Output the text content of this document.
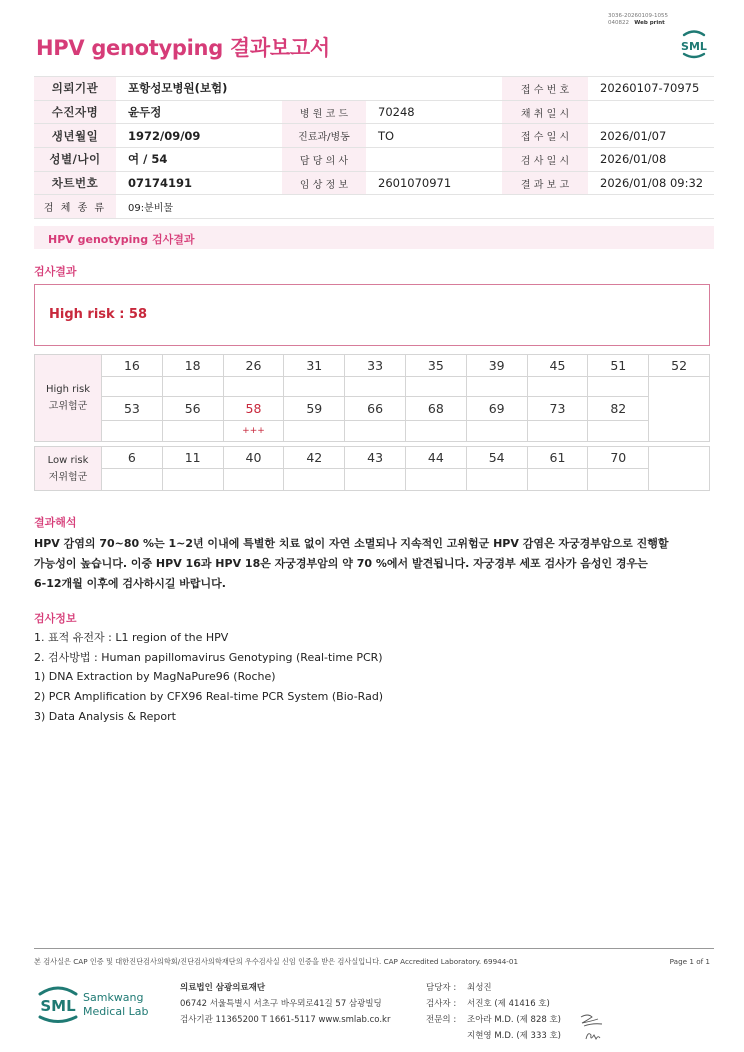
3036-20260109-1055
040822 Web print
HPV genotyping 결과보고서	SML
의뢰기관	포항성모병원(보험)			접 수 번 호	20260107-70975
수진자명	윤두정	병 원 코 드	70248	채 취 일 시	
생년월일	1972/09/09	진료과/병동	TO	접 수 일 시	2026/01/07
성별/나이	여 / 54	담 당 의 사		검 사 일 시	2026/01/08
차트번호	07174191	임 상 정 보	2601070971	결 과 보 고	2026/01/08 09:32
검 체 종 류	09:분비물				
HPV genotyping 검사결과
검사결과
High risk : 58
High risk
고위험군	16	18	26	31	33	35	39	45	51	52

	53	56	58	59	66	68	69	73	82	
			+++							
Low risk
저위험군	6	11	40	42	43	44	54	61	70	

결과해석
HPV 감염의 70~80 %는 1~2년 이내에 특별한 치료 없이 자연 소멸되나 지속적인 고위험군 HPV 감염은 자궁경부암으로 진행할
가능성이 높습니다. 이중 HPV 16과 HPV 18은 자궁경부암의 약 70 %에서 발견됩니다. 자궁경부 세포 검사가 음성인 경우는
6-12개월 이후에 검사하시길 바랍니다.
검사정보
1. 표적 유전자 : L1 region of the HPV
2. 검사방법 : Human papillomavirus Genotyping (Real-time PCR)
1) DNA Extraction by MagNaPure96 (Roche)
2) PCR Amplification by CFX96 Real-time PCR System (Bio-Rad)
3) Data Analysis & Report
본 검사실은 CAP 인증 및 대한진단검사의학회/진단검사의학재단의 우수검사실 신임 인증을 받은 검사실입니다. CAP Accredited Laboratory. 69944-01	Page 1 of 1
SML Samkwang
Medical Lab
의료법인 삼광의료재단
06742 서울특별시 서초구 바우뫼로41길 57 삼광빌딩
검사기관 11365200 T 1661-5117 www.smlab.co.kr
담당자 : 최성진
검사자 : 서진호 (제 41416 호)
전문의 : 조아라 M.D. (제 828 호)
지현영 M.D. (제 333 호)
